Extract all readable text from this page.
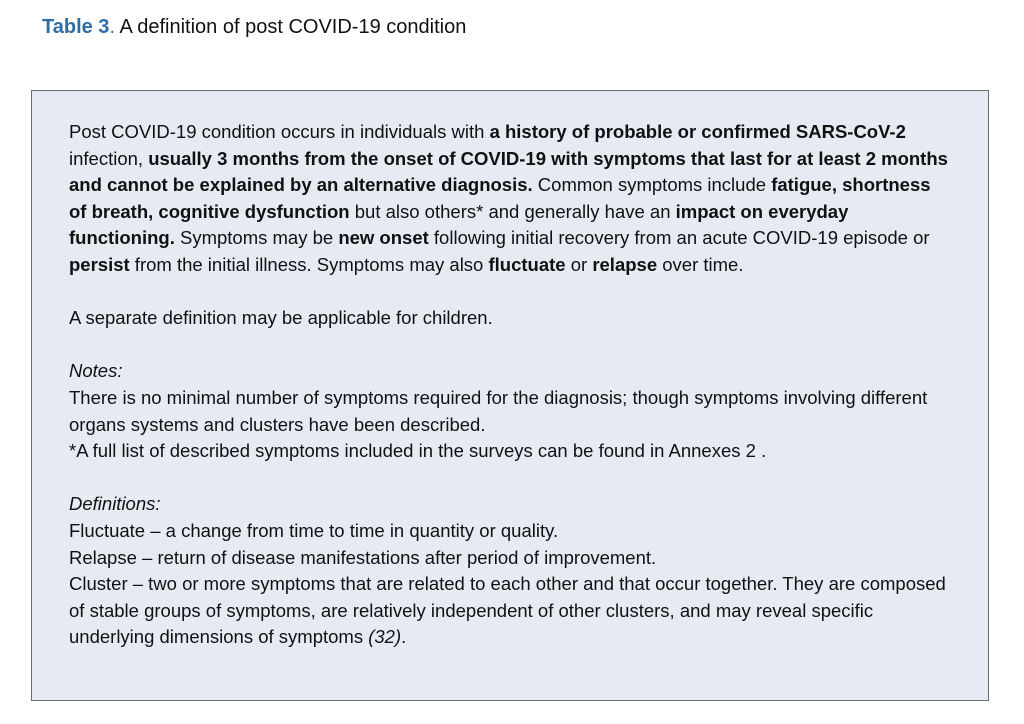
Table 3. A definition of post COVID-19 condition

Post COVID-19 condition occurs in individuals with a history of probable or confirmed SARS-CoV-2 infection, usually 3 months from the onset of COVID-19 with symptoms that last for at least 2 months and cannot be explained by an alternative diagnosis. Common symptoms include fatigue, shortness of breath, cognitive dysfunction but also others* and generally have an impact on everyday functioning. Symptoms may be new onset following initial recovery from an acute COVID-19 episode or persist from the initial illness. Symptoms may also fluctuate or relapse over time.

A separate definition may be applicable for children.

Notes:

There is no minimal number of symptoms required for the diagnosis; though symptoms involving different organs systems and clusters have been described.

*A full list of described symptoms included in the surveys can be found in Annexes 2 .

Definitions:

Fluctuate – a change from time to time in quantity or quality.

Relapse – return of disease manifestations after period of improvement.

Cluster – two or more symptoms that are related to each other and that occur together. They are composed of stable groups of symptoms, are relatively independent of other clusters, and may reveal specific underlying dimensions of symptoms (32).
